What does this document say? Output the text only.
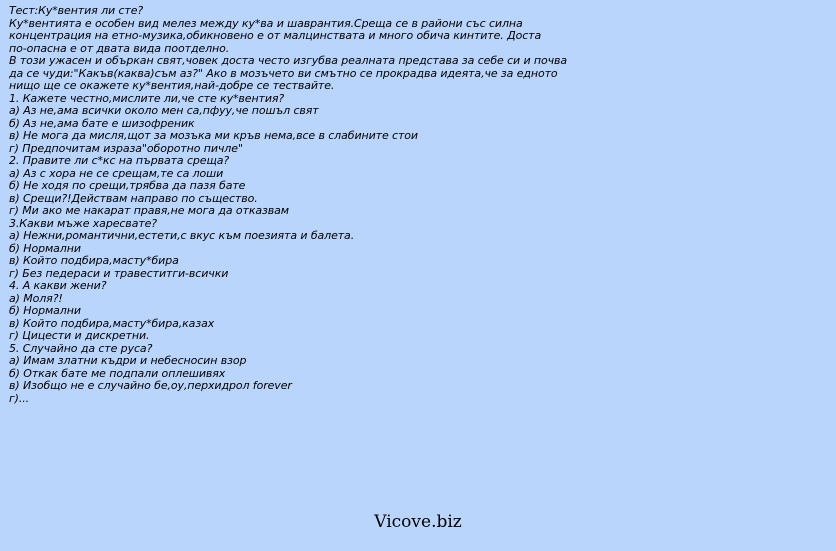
Тест:Ку*вентия ли сте?
Ку*вентията е особен вид мелез между ку*ва и шаврантия.Среща се в райони със силна
концентрация на етно-музика,обикновено е от малцинствата и много обича кинтите. Доста
по-опасна е от двата вида поотделно.
В този ужасен и объркан свят,човек доста често изгубва реалната представа за себе си и почва
да се чуди:"Какъв(каква)съм аз?" Ако в мозъчето ви смътно се прокрадва идеята,че за едното
нищо ще се окажете ку*вентия,най-добре се тествайте.
1. Кажете честно,мислите ли,че сте ку*вентия?
а) Аз не,ама всички около мен са,пфуу,че пошъл свят
б) Аз не,ама бате е шизофреник
в) Не мога да мисля,щот за мозъка ми кръв нема,все в слабините стои
г) Предпочитам израза"оборотно пичле"
2. Правите ли с*кс на първата среща?
а) Аз с хора не се срещам,те са лоши
б) Не ходя по срещи,трябва да пазя бате
в) Срещи?!Действам направо по същество.
г) Ми ако ме накарат правя,не мога да отказвам
3.Какви мъже харесвате?
а) Нежни,романтични,естети,с вкус към поезията и балета.
б) Нормални
в) Който подбира,масту*бира
г) Без педераси и травеститги-всички
4. А какви жени?
а) Моля?!
б) Нормални
в) Който подбира,масту*бира,казах
г) Цицести и дискретни.
5. Случайно да сте руса?
а) Имам златни къдри и небесносин взор
б) Откак бате ме подпали оплешивях
в) Изобщо не е случайно бе,оу,перхидрол forever
г)...
Vicove.biz
